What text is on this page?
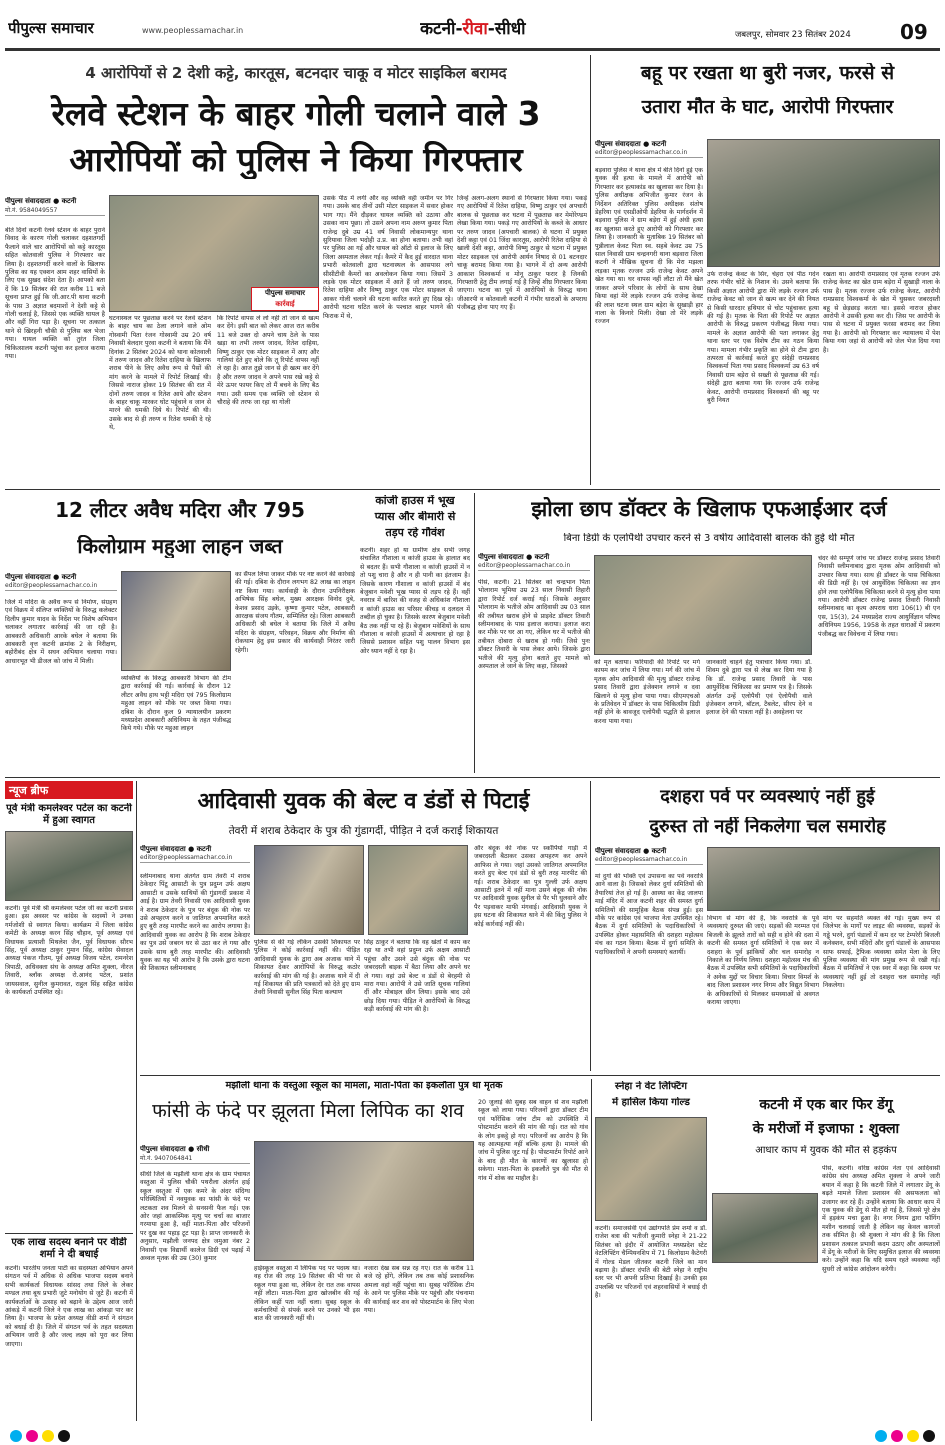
पीपुल्स समाचार	www.peoplessamachar.in	कटनी-रीवा-सीधी	जबलपुर, सोमवार 23 सितंबर 2024	09
4 आरोपियों से 2 देशी कट्टे, कारतूस, बटनदार चाकू व मोटर साइकिल बरामद
रेलवे स्टेशन के बाहर गोली चलाने वाले 3
आरोपियों को पुलिस ने किया गिरफ्तार
पीपुल्स संवाददाता ● कटनी
मो.नं. 9584049557
पीपुल्स समाचार
कार्रवाई
बीते दिनों कटनी रेलवे स्टेशन के बाहर पुराने विवाद के कारण गोली चलाकर दहशतगर्दी फैलाने वाले चार आरोपियों को कट्टे कारतूस सहित कोतवाली पुलिस ने गिरफ्तार कर लिया है। दहशतगर्दी करने वालों के खिलाफ पुलिस का यह एक्शन आम शहर वासियों के लिए एक सुखद संदेश देता है। आपको बता दें कि 19 सितंबर की रात करीब 11 बजे सूचना प्राप्त हुई कि जी.आर.पी थाना कटनी के पास 3 अज्ञात बदमाशों ने देशी कट्टे से गोली चलाई है, जिससे एक व्यक्ति घायल है और वहीं गिरा पड़ा है। सूचना पर तत्काल थाने से खिरहनी चौकी से पुलिस बल भेजा गया। घायल व्यक्ति को तुरंत जिला चिकित्सालय कटनी पहुंचा कर इलाज कराया गया।
घटनास्थल पर पूछताछ करने पर रेलवे स्टेशन के बाहर चाय का ठेला लगाने वाले ओम गोस्वामी पिता रंजन गोस्वामी उम्र 20 वर्ष निवासी बेलदार पुरवा कटनी ने बताया कि मैंने दिनांक 2 सितंबर 2024 को थाना कोतवाली में तरुण जादव और रितेश दाहिया के खिलाफ शराब पीने के लिए अवैध रूप से पैसों की मांग करने के मामले में रिपोर्ट लिखाई थी। जिससे नाराज होकर 19 सितंबर की रात में दोनों तरुण जादव व रितेश आये और स्टेशन के बाहर चाकू मारकर घोट पहुंचाने व जान से मारने की धमकी दिये थे। रिपोर्ट की थी। उसके बाद से ही तरुण व रितेश धमकी दे रहे थे,
कि रिपोर्ट वापस ले लो नहीं तो जान से खत्म कर देंगे। इसी बात को लेकर आज रात करीब 11 बजे उक्त दो अपने चाय ठेले के पास खड़ा था तभी तरुण जादव, रितेश दाहिया, विष्णु ठाकुर एक मोटर साइकल में आए और गालियां देते हुए बोले कि तू रिपोर्ट वापस नहीं ले रहा है। आज तुझे जान से ही खत्म कर देंगे है और तरुण जादव ने अपने पास रखे कट्टे से मेरे ऊपर फायर किए तो मैं बचने के लिए बैठ गया। उसी समय एक व्यक्ति जो स्टेशन से चौराहे की तरफ जा रहा था गोली
उसके पीठ में लगी और वह व्यक्ति वहीं जमीन पर गिर गया। उसके बाद तीनों उसी मोटर साइकल में सवार होकर भाग गए। मैंने दौड़कर घायल व्यक्ति को उठाया और उसका नाम पूछा। तो उसने अपना नाम अरुण कुमार पिता राजेन्द्र दुबे उम्र 41 वर्ष निवासी लोकमान्यपुर थाना सुरियावा जिला भदोही उ.प्र. का होना बताया। तभी वहां पर पुलिस आ गई और घायल को ऑटो से इलाज के लिए जिला अस्पताल लेकर गई। कैमरे में कैद हुई वारदात थाना प्रभारी कोतवाली द्वारा घटनास्थल के आसपास लगे सीसीटीवी कैमरों का अवलोकन किया गया। जिसमें 3 लड़के एक मोटर साइकल में आते हैं जो तरुण जादव, रितेश दाहिया और विष्णु ठाकुर एक मोटर साइकल से आकर गोली चलाने की घटना कारित करते हुए दिख रहे। आरोपी घटना घटित करने के पश्चात बाहर भागने की फिराक में थे,
जिन्हें अलग-अलग स्थानों से गिरफ्तार किया गया। पकड़े गए आरोपियों में रितेश दाहिया, विष्णु ठाकुर एवं अपचारी बालक से पूछताछ कर घटना में पूछताछ कर मेमोरेण्डम लेखा किया गया। पकड़े गए आरोपियों के कब्जे के आधार पर तरुण जादव (अपचारी बालक) से घटना में प्रयुक्त देशी कट्टा एवं 01 जिंदा कारतूस, आरोपी रितेश दाहिया से खाली देशी कट्टा, आरोपी विष्णु ठाकुर से घटना में प्रयुक्त मोटर साइकल एवं आरोपी आर्यन निषाद से 01 बटनदार चाकू बरामद किया गया है। भागने में दो अन्य आरोपी आकाश विश्वकर्मा व मोनू ठाकुर फरार है जिनकी गिरफ्तारी हेतु टीम लगाई गई है जिन्हें शीघ्र गिरफ्तार किया जाएगा। घटना का पूर्व में आरोपियों के विरुद्ध थाना जीआरपी व कोतवाली कटनी में गंभीर धाराओं के अपराध पंजीबद्ध होना पाए गए हैं।
बहू पर रखता था बुरी नजर, फरसे से
उतारा मौत के घाट, आरोपी गिरफ्तार
पीपुल्स संवाददाता ● कटनी
editor@peoplessamachar.co.in
बड़वारा पुलिस ने थाना क्षेत्र में बीते दिनों हुई एक युवक की हत्या के मामले में आरोपी को गिरफ्तार कर हत्याकांड का खुलासा कर दिया है। पुलिस अधीक्षक अभिजीत कुमार रंजन के निर्देशन अतिरिक्त पुलिस अधीक्षक संतोष डेहरिया एवं एसडीओपी डेहरिया के मार्गदर्शन में बड़वारा पुलिस ने ग्राम बड़ेरा में हुई अंधी हत्या का खुलासा करते हुए आरोपी को गिरफ्तार कर लिया है। जानकारी के मुताबिक 19 सितंबर को पुन्नीलाल केवट पिता स्व. सहबे केवट उम्र 75 साल निवासी ग्राम चन्द्रनगरी थाना बड़वारा जिला कटनी ने मौखिक सूचना दी कि मेरा मझला लड़का मृतक रज्जन उर्फ राजेन्द्र केवट अपने खेत गया था। घर वापस नहीं लौटा तो मैंने खेत जाकर अपने परिवार के लोगों के साथ देखा किया वहां मेरे लड़के रज्जन उर्फ राजेन्द्र केवट की लाश घटना स्थल ग्राम बड़ेरा के सुखाड़ी हार नाला के किनारे मिली। देखा तो मेरे लड़के रज्जन
उर्फ राजेन्द्र केवट के सिर, चेहरा एवं पीठ गर्दन तरफ गंभीर चोटें के निशान थे। उसने बताया कि किसी अज्ञात आरोपी द्वारा मेरे लड़के रज्जन उर्फ राजेन्द्र केवट को जान से खत्म कर देने की नियत से किसी धारदार हथियार से चोट पहुंचाकर हत्या की गई है। मृतक के पिता की रिपोर्ट पर अज्ञात आरोपी के विरुद्ध प्रकरण पंजीबद्ध किया गया। मामले के अज्ञात आरोपी की पता लगाकर हेतु थाना स्तर पर एक विशेष टीम का गठन किया गया। मामला गंभीर प्रकृति का होने से टीम द्वारा तत्परता से कार्रवाई करते हुए संदेही रामप्रसाद विश्वकर्मा पिता गया प्रसाद विश्वकर्मा उम्र 63 वर्ष निवासी ग्राम बड़ेरा से सख्ती से पूछताछ की गई। संदेही द्वारा बताया गया कि रज्जन उर्फ राजेन्द्र केवट, आरोपी रामप्रसाद विश्वकर्मा की बहू पर बुरी नियत
रखता था। आरोपी रामप्रसाद एवं मृतक रज्जन उर्फ राजेन्द्र केवट का खेत ग्राम बड़ेरा में सुखाड़ी नाला के पास है। मृतक रज्जन उर्फ राजेन्द्र केवट, आरोपी रामप्रसाद विश्वकर्मा के खेत में घुसकर जबरदस्ती बहू से छेड़छाड़ करता था। इससे नाराज होकर आरोपी ने उसकी हत्या कर दी। जिस पर आरोपी के पास से घटना में प्रयुक्त फरसा बरामद कर लिया गया है। आरोपी को गिरफ्तार कर न्यायालय में पेश किया गया जहां से आरोपी को जेल भेज दिया गया है।
12 लीटर अवैध मदिरा और 795
किलोग्राम महुआ लाहन जब्त
पीपुल्स संवाददाता ● कटनी
editor@peoplessamachar.co.in
जिले में मदिरा के अवैध रूप से निर्माण, संग्रहण एवं विक्रय में संलिप्त व्यक्तियों के विरुद्ध कलेक्टर दिलीप कुमार यादव के निर्देश पर विशेष अभियान चलाकर लगातार कार्रवाई की जा रही है। आबकारी अधिकारी आरके बघेल ने बताया कि आबकारी वृत्त कटनी क्रमांक 2 के निरीक्षण, बहोरीबंद क्षेत्र में सघन अभियान चलाया गया। आधारभूत भी डीजल को जांच में मिली।
व्यक्तियों के विरुद्ध आबकारी विभाग की टीम द्वारा कार्रवाई की गई। कार्रवाई के दौरान 12 लीटर अवैध हाथ भट्टी मदिरा एवं 795 किलोग्राम महुआ लाहन को मौके पर जब्त किया गया। दबिश के दौरान कुल 9 न्यायालयीन प्रकरण मध्यप्रदेश आबकारी अधिनियम के तहत पंजीबद्ध किये गये। मौके पर महुआ लाहन
का सैंपल लिया जाकर मौके पर नष्ट करने की कार्रवाई की गई। दबिश के दौरान लगभग 82 लाख का लाहन नष्ट किया गया। कार्यवाही के दौरान उपनिरीक्षक अभिषेक सिंह बघेल, मुख्य आरक्षक विनोद दुबे, केशव प्रसाद उइके, कृष्णा कुमार पटेल, आबकारी आरक्षक संजय गौतम, सम्मिलित रहे। जिला आबकारी अधिकारी श्री बघेल ने बताया कि जिले में अवैध मदिरा के संग्रहण, परिवहन, विक्रय और निर्माण की रोकथाम हेतु इस प्रकार की कार्यवाही निरंतर जारी रहेगी।
कांजी हाउस में भूख
प्यास और बीमारी से
तड़प रहे गौवंश
कटनी। शहर हो या ग्रामीण क्षेत्र सभी जगह संचालित गौशाला व कांजी हाउस के हालात बद से बदतर हैं। सभी गौशाला व कांजी हाउसों में न तो पशु चारा है और न ही पानी का इंतजाम है। जिसके कारण गौशाला व कांजी हाउसों में बंद बेजुबान मवेशी भूख प्यास से तड़प रहे हैं। वहीं नवरात्र में बारिश की वजह से अधिकांश गौशाला व कांजी हाउस का परिसर कीचड़ व दलदल में तब्दील हो चुका है। जिसके कारण बेजुबान मवेशी बैठ तक नहीं पा रहे हैं। बेजुबान मवेशियों के साथ गौशाला व कांजी हाउसों में अत्याचार हो रहा है जिससे प्रशासन सहित पशु पालन विभाग इस ओर ध्यान नहीं दे रहा है।
झोला छाप डॉक्टर के खिलाफ एफआईआर दर्ज
बिना डिग्री के एलोपैथी उपचार करने से 3 वर्षीय आदिवासी बालक की हुई थी मौत
पीपुल्स संवाददाता ● कटनी
editor@peoplessamachar.co.in
पीसं, कटनी। 21 सितंबर को चन्द्रभान पिता भोलाराम भूमिया उम्र 23 साल निवासी तिहारी द्वारा रिपोर्ट दर्ज कराई गई। जिसके अनुसार भोलाराम के भतीजे ओम आदिवासी उम्र 03 साल की तबीयत खराब होने से प्राइवेट डॉक्टर तिवारी स्लीमनाबाद के पास इलाज कराया। इलाज करा कर मौके पर घर आ गए, लेकिन घर में भतीजे की तबीयत दोबारा से खराब हो गयी। जिसे पुनः डॉक्टर तिवारी के पास लेकर आये। जिसके द्वारा भतीजे की मृत्यु होना बताते हुए मामले को अस्पताल ले जाने के लिए कहा, जिसको
को मृत बताया। फरियादी की रिपोर्ट पर मर्ग कायम कर जांच में लिया गया। मर्ग की जांच में मृतक ओम आदिवासी की मृत्यु डॉक्टर राजेन्द्र प्रसाद तिवारी द्वारा इंजेक्शन लगाने व दवा खिलाने से मृत्यु होना पाया गया। सीएमएचओ के प्रतिवेदन में डॉक्टर के पास चिकित्सीय डिग्री नहीं होने के बावजूद एलोपैथी पद्धति से इलाज करना पाया गया।
जानकारी चाहने हेतु पत्राचार किया गया। डॉ. शिवम दुबे द्वारा पत्र से लेख कर दिया गया है कि डॉ. राजेन्द्र प्रसाद तिवारी के पास आयुर्वेदिक चिकित्सा का प्रमाण पत्र है। जिसके अंतर्गत उन्हें एलोपैथी एवं ऐलोपैथी वाले इंजेक्शन लगाने, बॉटल, टैबलेट, सीरप देने व इलाज देने की पात्रता नहीं है। अवहेलना पर
चंदर की सम्पूर्ण जांच पर डॉक्टर राजेन्द्र प्रसाद तिवारी निवासी स्लीमनाबाद द्वारा मृतक ओम आदिवासी को उपचार किया गया। साथ ही डॉक्टर के पास चिकित्सा की डिग्री नहीं है। एवं आयुर्वेदिक चिकित्सा का ज्ञान होने तथा एलोपैथिक चिकित्सा करने से मृत्यु होना पाया गया। आरोपी डॉक्टर राजेन्द्र प्रसाद तिवारी निवासी स्लीमनाबाद का कृत्य अपराध धारा 106(1) बी एन एस, 15(3), 24 मध्यप्रदेश राज्य आयुर्विज्ञान परिषद अधिनियम 1956, 1958 के तहत धाराओं में प्रकरण पंजीबद्ध कर विवेचना में लिया गया।
न्यूज ब्रीफ
पूर्व मंत्री कमलेश्वर पटेल का कटनी में हुआ स्वागत
कटनी। पूर्व मंत्री श्री कमलेश्वर पटेल जी का कटनी प्रवास हुआ। इस अवसर पर कांग्रेस के सदस्यों ने उनका गर्मजोशी से स्वागत किया। कार्यक्रम में जिला कांग्रेस कमेटी के अध्यक्ष करन सिंह चौहान, पूर्व अध्यक्ष एवं विधायक प्रत्याशी मिथलेश जैन, पूर्व विधायक सौरभ सिंह, पूर्व अध्यक्ष ठाकुर गुमान सिंह, कांग्रेस सेवादल अध्यक्ष पंकज गौतम, पूर्व अध्यक्ष विजय पटेल, रामनरेश त्रिपाठी, अधिवक्ता संघ के अध्यक्ष अमित शुक्ला, नीरज तिवारी, ब्लॉक अध्यक्ष रो.आनंद पटेल, प्रशांत जायसवाल, सुनील कुमरावत, राहुल सिंह सहित कांग्रेस के कार्यकर्ता उपस्थित रहे।
एक लाख सदस्य बनाने पर वीडी शर्मा ने दी बधाई
कटनी। भारतीय जनता पार्टी का सदस्यता अभियान अपने संगठन पर्व में अधिक से अधिक भाजपा सदस्य बनाने सभी कार्यकर्ता विधायक सांसद तथा जिले के लेकर मण्डल तथा बूथ प्रभारी जुटे मनोयोग से जुटे हैं। कटनी में कार्यकर्ताओं के उत्साह को बढ़ाने के उद्देश्य आज जारी आंकड़े में कटनी जिले ने एक लाख का आंकड़ा पार कर लिया है। भाजपा के प्रदेश अध्यक्ष वीडी शर्मा ने संगठन को बधाई दी है। जिले में संगठन पर्व के तहत सदस्यता अभियान जारी है और जल्द लक्ष्य को पूरा कर लिया जाएगा।
आदिवासी युवक की बेल्ट व डंडों से पिटाई
तेवरी में शराब ठेकेदार के पुत्र की गुंडागर्दी, पीड़ित ने दर्ज कराई शिकायत
पीपुल्स संवाददाता ● कटनी
editor@peoplessamachar.co.in
स्लीमनाबाद थाना अंतर्गत ग्राम तेवरी में शराब ठेकेदार पिंटू आसाटी के पुत्र प्रदुम्न उर्फ अक्षय आसाटी व उसके साथियों की गुंडागर्दी प्रकाश में आई है। ग्राम तेवरी निवासी एक आदिवासी युवक ने शराब ठेकेदार के पुत्र पर बंदूक की नोक पर उसे अपहरण करने व जातिगत अपमानित करते हुए बुरी तरह मारपीट करने का आरोप लगाया है। आदिवासी युवक का आरोप है कि शराब ठेकेदार का पुत्र उसे जबरन घर से उठा कर ले गया और उसके साथ बुरी तरह मारपीट की। आदिवासी युवक का यह भी आरोप है कि उसके द्वारा घटना की शिकायत स्लीमनाबाद
पुलिस से की गई लेकिन उसकी शिकायत पर पुलिस ने कोई कार्रवाई नहीं की। पीड़ित आदिवासी युवक के द्वारा अब अजाक थाने में शिकायत देकर आरोपियों के विरुद्ध कठोर कार्रवाई की मांग की गई है। अजाक थाने में दी गई शिकायत की प्रति पत्रकारों को देते हुए ग्राम तेवरी निवासी सुनील सिंह पिता कल्याण
सिंह ठाकुर ने बताया कि वह खेतों में काम कर रहा था तभी वहां प्रदुम्न उर्फ अक्षय आसाटी पहुंचा और उसने उसे बंदूक की नोक पर जबरदस्ती बाइक में बैठा लिया और अपने घर ले गया। वहां उसे बेल्ट व डंडों से बेरहमी से मारा गया। आरोपी ने उसे जाति सूचक गालियां दीं और मोबाइल छीन लिया। इसके बाद उसे छोड़ दिया गया। पीड़ित ने आरोपियों के विरुद्ध कड़ी कार्रवाई की मांग की है।
और बंदूक की नोक पर स्कॉर्पियो गाड़ी में जबरदस्ती बैठाकर उसका अपहरण कर अपने आफिस ले गया। जहां उसको जातिगत अपमानित करते हुए बेल्ट एवं डंडों से बुरी तरह मारपीट की गई। शराब ठेकेदार का पुत्र गुल्ली उर्फ अक्षय आसाटी इतने में नहीं माना उसने बंदूक की नोक पर आदिवासी युवक सुनील से पैर भी धुलवाने और पैर पड़वाकर माफी मंगवाई। आदिवासी युवक ने इस घटना की शिकायत थाने में की किंतु पुलिस ने कोई कार्रवाई नहीं की।
दशहरा पर्व पर व्यवस्थाएं नहीं हुई
दुरुस्त तो नहीं निकलेगा चल समारोह
पीपुल्स संवाददाता ● कटनी
editor@peoplessamachar.co.in
मां दुर्गा की भक्ति एवं उपासना का पर्व नवरात्रि आने वाला है। जिसको लेकर दुर्गा समितियों की तैयारियां तेज हो गई हैं। आस्था का केंद्र जालपा माई मंदिर में आज कटनी शहर की समस्त दुर्गा समितियों की सामूहिक बैठक संपन्न हुई। इस मौके पर कांग्रेस एवं भाजपा नेता उपस्थित रहे। बैठक में दुर्गा समितियों के पदाधिकारियों ने उपस्थित होकर महासमिति की दशहरा महोत्सव मंच का गठन किया। बैठक में दुर्गा समिति के पदाधिकारियों ने अपनी समस्याएं बतायीं।
विभाग से मांग की है, कि नवरात्रि के पूर्व व्यवस्थाएं दुरुस्त की जाएं। सड़कों की मरम्मत एवं बिजली के झूलते तारों को सही व होने की दशा में कटनी की समस्त दुर्गा समितियों ने एक स्वर में दशहरा के पूर्व झांकियों और चल समारोह न निकाले का निर्णय लिया। दशहरा महोत्सव मंच की बैठक में उपस्थित सभी समितियों के पदाधिकारियों ने अनेक मुद्दों पर विचार किया। विचार विमर्श के बाद जिला प्रशासन नगर निगम और विद्युत विभाग के अधिकारियों से मिलकर समस्याओं से अवगत कराया जाएगा।
मांग पर सहमति व्यक्त की गई। मुख्य रूप से जिलेभर के मार्गों पर लाइट की व्यवस्था, सड़कों के गड्ढे भरने, दुर्गा पंडालों में कम दर पर टेम्परेरी बिजली कनेक्शन, सभी मंदिरों और दुर्गा पंडालों के आसपास साफ सफाई, ट्रैफिक व्यवस्था समेत मेला के लिए पुलिस व्यवस्था की मांग प्रमुख रूप से रखी गई। बैठक में समितियों ने एक स्वर में कहा कि समय पर व्यवस्थाएं नहीं हुई तो दशहरा चल समारोह नहीं निकलेगा।
मझौली थाना के वस्तुआ स्कूल का मामला, माता-पिता का इकलौता पुत्र था मृतक
फांसी के फंदे पर झूलता मिला लिपिक का शव
पीपुल्स संवाददाता ● सीधी
मो.नं. 9407064841
सीधी जिले के मझौली थाना क्षेत्र के ग्राम पंचायत वस्तुआ में पुलिस चौकी पथरौला अंतर्गत हाई स्कूल वस्तुआ में एक कमरे के अंदर संदिग्ध परिस्थितियों में नवयुवक का फांसी के फंदे पर लटकता शव मिलने से सनसनी फैल गई। एक ओर जहां आकस्मिक मृत्यु पर चर्चा का बाजार गरमाया हुआ है, वहीं माता-पिता और परिजनों पर दुख का पहाड़ टूट पड़ा है। प्राप्त जानकारी के अनुसार, मझौली जनपद क्षेत्र जमुआ नंबर 2 निवासी एक विद्यार्थी कालेज डिग्री एवं पढ़ाई में अव्वल मृतक की उम्र (30) कुमार
हाईस्कूल वस्तुआ में लिपिक पद पर पदस्थ था। वह रोज की तरह 19 सितंबर की भी घर से स्कूल गया हुआ था, लेकिन देर रात तक वापस नहीं लौटा। माता-पिता द्वारा खोजबीन की गई लेकिन कहीं पता नहीं चला। सुबह स्कूल के कर्मचारियों से संपर्क करने पर उनको भी इस बात की जानकारी नहीं थी।
नजारा देख सब सन्न रह गए। रात के करीब 11 बजे रहे होंगे, लेकिन तब तक कोई प्रशासनिक अमला वहां नहीं पहुंचा था। सुबह फॉरेंसिक टीम के आने पर पुलिस मौके पर पहुंची और पंचनामा की कार्रवाई कर शव को पोस्टमार्टम के लिए भेजा गया।
20 जुलाई की सुबह सब वाहन से शव मझौली स्कूल को लाया गया। परिजनों द्वारा डॉक्टर टीम एवं फॉरेंसिक जांच टीम को उपस्थिति में पोस्टमार्टम कराने की मांग की गई। रात को गांव के लोग इकट्ठे हो गए। परिजनों का आरोप है कि यह आत्महत्या नहीं बल्कि हत्या है। मामले की जांच में पुलिस जुट गई है। पोस्टमार्टम रिपोर्ट आने के बाद ही मौत के कारणों का खुलासा हो सकेगा। माता-पिता के इकलौते पुत्र की मौत से गांव में शोक का माहौल है।
स्नेहा ने वेट लिफ्टिंग
में हासिल किया गोल्ड
कटनी। समाजसेवी एवं उद्योगपति प्रेम शर्मा व डॉ. राजेश बत्रा की भतीजी कुमारी स्नेहा ने 21-22 सितंबर को इंदौर में आयोजित मध्यप्रदेश स्टेट वेटलिफ्टिंग चैम्पियनशिप में 71 किलोग्राम कैटेगरी में गोल्ड मेडल जीतकर कटनी जिले का मान बढ़ाया है। डॉक्टर दंपति की बेटी स्नेहा ने राष्ट्रीय स्तर पर भी अपनी प्रतिभा दिखाई है। उनकी इस उपलब्धि पर परिजनों एवं शहरवासियों ने बधाई दी है।
कटनी में एक बार फिर डेंगू
के मरीजों में इजाफा : शुक्ला
आधार काप में युवक की मौत से हड़कंप
पीसं, कटनी। वरिष्ठ कांग्रेस नेता एवं आदिवासी कांग्रेस संघ अध्यक्ष अमित शुक्ला ने अपने जारी बयान में कहा है कि कटनी जिले में लगातार डेंगू के बढ़ते मामले जिला प्रशासन की असफलता को उजागर कर रहे हैं। उन्होंने बताया कि आधार काप में एक युवक की डेंगू से मौत हो गई है, जिससे पूरे क्षेत्र में हड़कंप मचा हुआ है। नगर निगम द्वारा फॉगिंग मशीन चलवाई जाती है लेकिन वह केवल कागजों तक सीमित है। श्री शुक्ला ने मांग की है कि जिला प्रशासन तत्काल प्रभावी कदम उठाए और अस्पतालों में डेंगू के मरीजों के लिए समुचित इलाज की व्यवस्था करे। उन्होंने कहा कि यदि समय रहते व्यवस्था नहीं सुधरी तो कांग्रेस आंदोलन करेगी।
